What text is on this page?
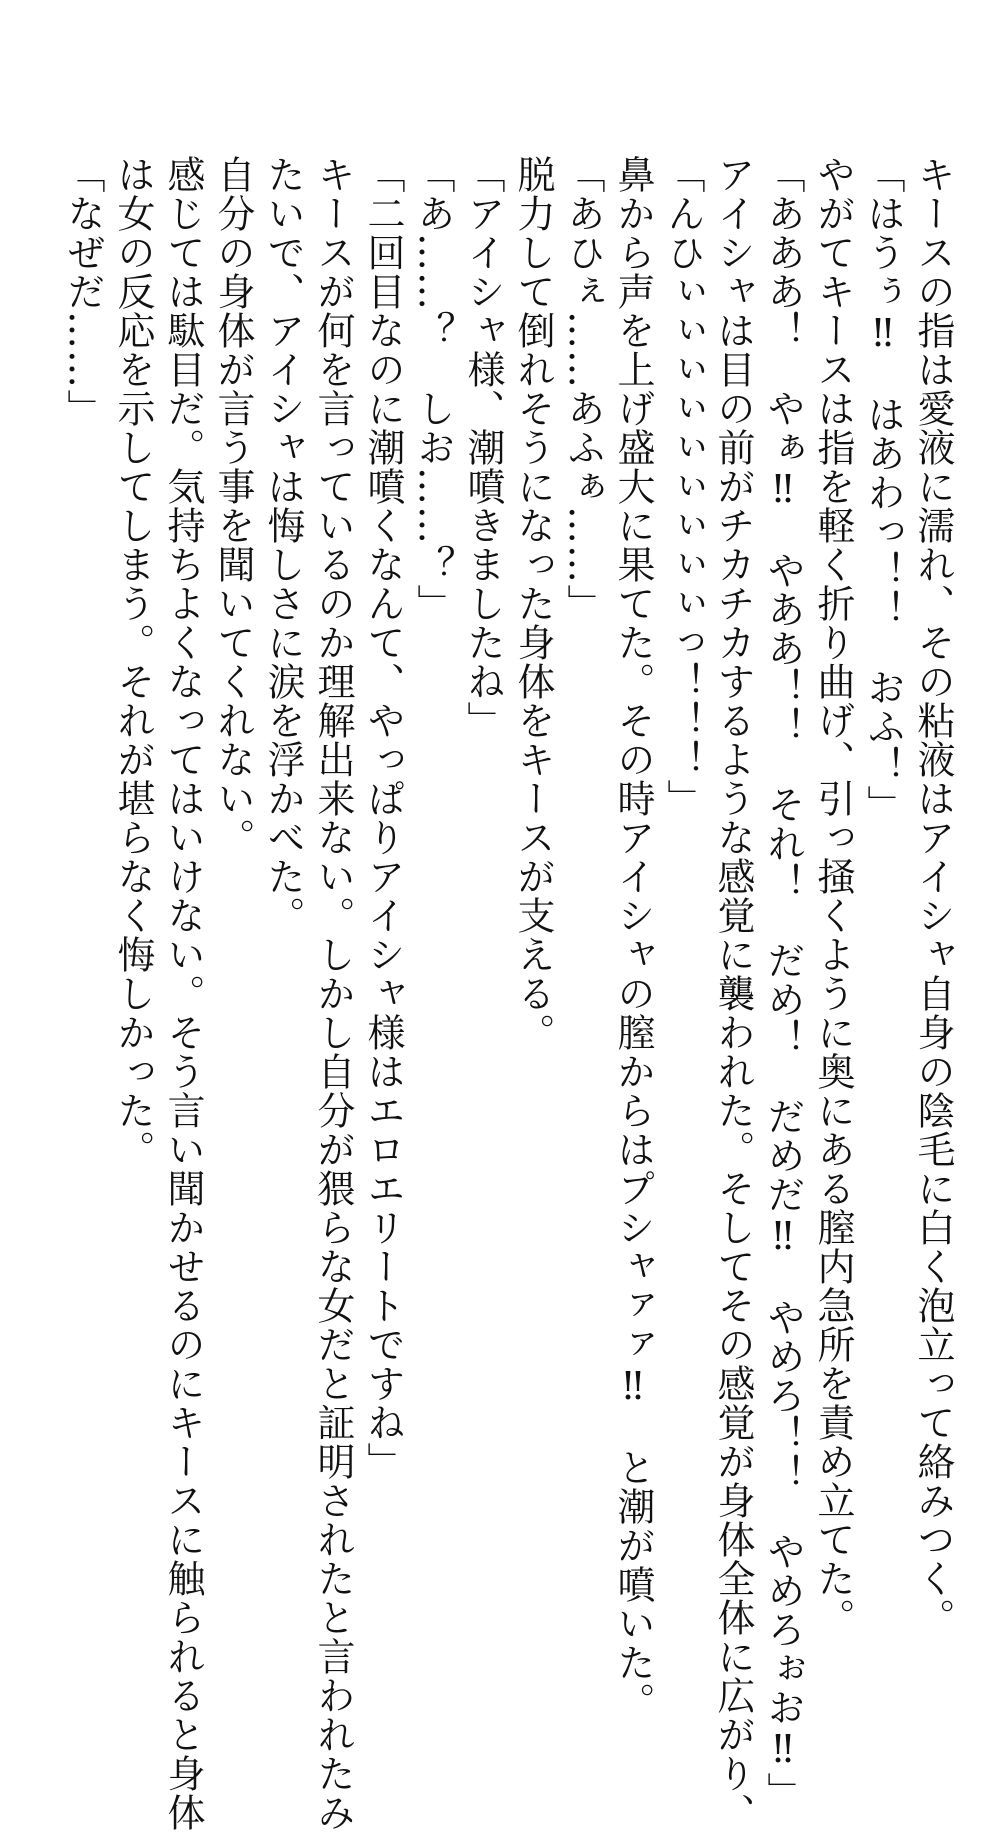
キースの指は愛液に濡れ、その粘液はアイシャ自身の陰毛に白く泡立って絡みつく。
「はうぅ‼　はあわっ！！　おふ！」
やがてキースは指を軽く折り曲げ、引っ掻くように奥にある膣内急所を責め立てた。
「あああ！　やぁ‼　やああ！！　それ！　だめ！　だめだ‼　やめろ！！　やめろぉお‼」
アイシャは目の前がチカチカするような感覚に襲われた。そしてその感覚が身体全体に広がり、
「んひぃぃぃぃぃぃぃぃぃっ！！！」
鼻から声を上げ盛大に果てた。その時アイシャの膣からはプシャァァ‼　と潮が噴いた。
「あひぇ……あふぁ……」
脱力して倒れそうになった身体をキースが支える。
「アイシャ様、潮噴きましたね」
「あ……？　しお……？」
「二回目なのに潮噴くなんて、やっぱりアイシャ様はエロエリートですね」
キースが何を言っているのか理解出来ない。しかし自分が猥らな女だと証明されたと言われたみ
たいで、アイシャは悔しさに涙を浮かべた。
自分の身体が言う事を聞いてくれない。
感じては駄目だ。気持ちよくなってはいけない。そう言い聞かせるのにキースに触られると身体
は女の反応を示してしまう。それが堪らなく悔しかった。
「なぜだ……」
